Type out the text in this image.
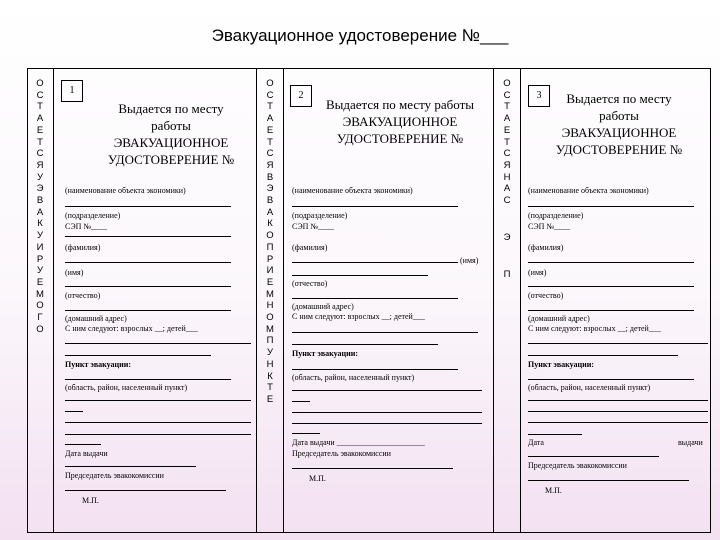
Эвакуационное удостоверение №___
О
С
Т
А
Е
Т
С
Я
У
Э
В
А
К
У
И
Р
У
Е
М
О
Г
О
О
С
Т
А
Е
Т
С
Я
В
Э
В
А
К
О
П
Р
И
Е
М
Н
О
М
П
У
Н
К
Т
Е
О
С
Т
А
Е
Т
С
Я
Н
А
С
Э
П
1
Выдается по месту
работы
ЭВАКУАЦИОННОЕ
УДОСТОВЕРЕНИЕ №
(наименование объекта экономики)
(подразделение)
СЭП №____
(фамилия)
(имя)
(отчество)
(домашний адрес)
С ним следуют: взрослых __; детей___
Пункт эвакуации:
(область, район, населенный пункт)
Дата выдачи
Председатель эвакокомиссии
М.П.
2
Выдается по месту работы
ЭВАКУАЦИОННОЕ
УДОСТОВЕРЕНИЕ №
(наименование объекта экономики)
(подразделение)
СЭП №____
(фамилия)
(имя)
(отчество)
(домашний адрес)
С ним следуют: взрослых __; детей___
Пункт эвакуации:
(область, район, населенный пункт)
Дата выдачи ______________________
Председатель эвакокомиссии
М.П.
3	Выдается по месту
работы
ЭВАКУАЦИОННОЕ
УДОСТОВЕРЕНИЕ №
(наименование объекта экономики)
(подразделение)
СЭП №____
(фамилия)
(имя)
(отчество)
(домашний адрес)
С ним следуют: взрослых __; детей___
Пункт эвакуации:
(область, район, населенный пункт)
Дата	выдачи
Председатель эвакокомиссии
М.П.
